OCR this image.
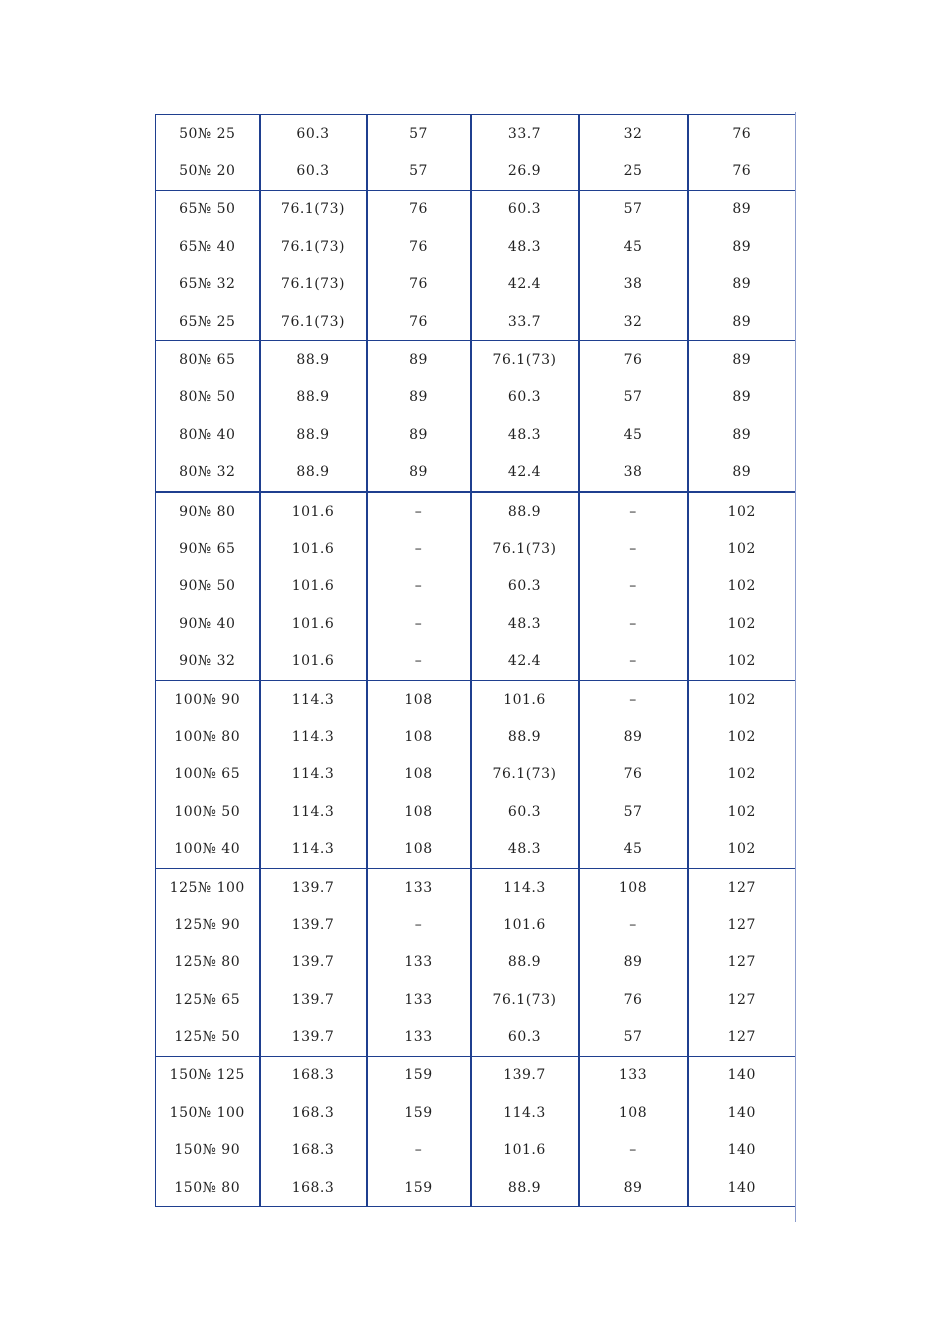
50№ 25	60.3	57	33.7	32	76
50№ 20	60.3	57	26.9	25	76
65№ 50	76.1(73)	76	60.3	57	89
65№ 40	76.1(73)	76	48.3	45	89
65№ 32	76.1(73)	76	42.4	38	89
65№ 25	76.1(73)	76	33.7	32	89
80№ 65	88.9	89	76.1(73)	76	89
80№ 50	88.9	89	60.3	57	89
80№ 40	88.9	89	48.3	45	89
80№ 32	88.9	89	42.4	38	89
90№ 80	101.6	–	88.9	–	102
90№ 65	101.6	–	76.1(73)	–	102
90№ 50	101.6	–	60.3	–	102
90№ 40	101.6	–	48.3	–	102
90№ 32	101.6	–	42.4	–	102
100№ 90	114.3	108	101.6	–	102
100№ 80	114.3	108	88.9	89	102
100№ 65	114.3	108	76.1(73)	76	102
100№ 50	114.3	108	60.3	57	102
100№ 40	114.3	108	48.3	45	102
125№ 100	139.7	133	114.3	108	127
125№ 90	139.7	–	101.6	–	127
125№ 80	139.7	133	88.9	89	127
125№ 65	139.7	133	76.1(73)	76	127
125№ 50	139.7	133	60.3	57	127
150№ 125	168.3	159	139.7	133	140
150№ 100	168.3	159	114.3	108	140
150№ 90	168.3	–	101.6	–	140
150№ 80	168.3	159	88.9	89	140
